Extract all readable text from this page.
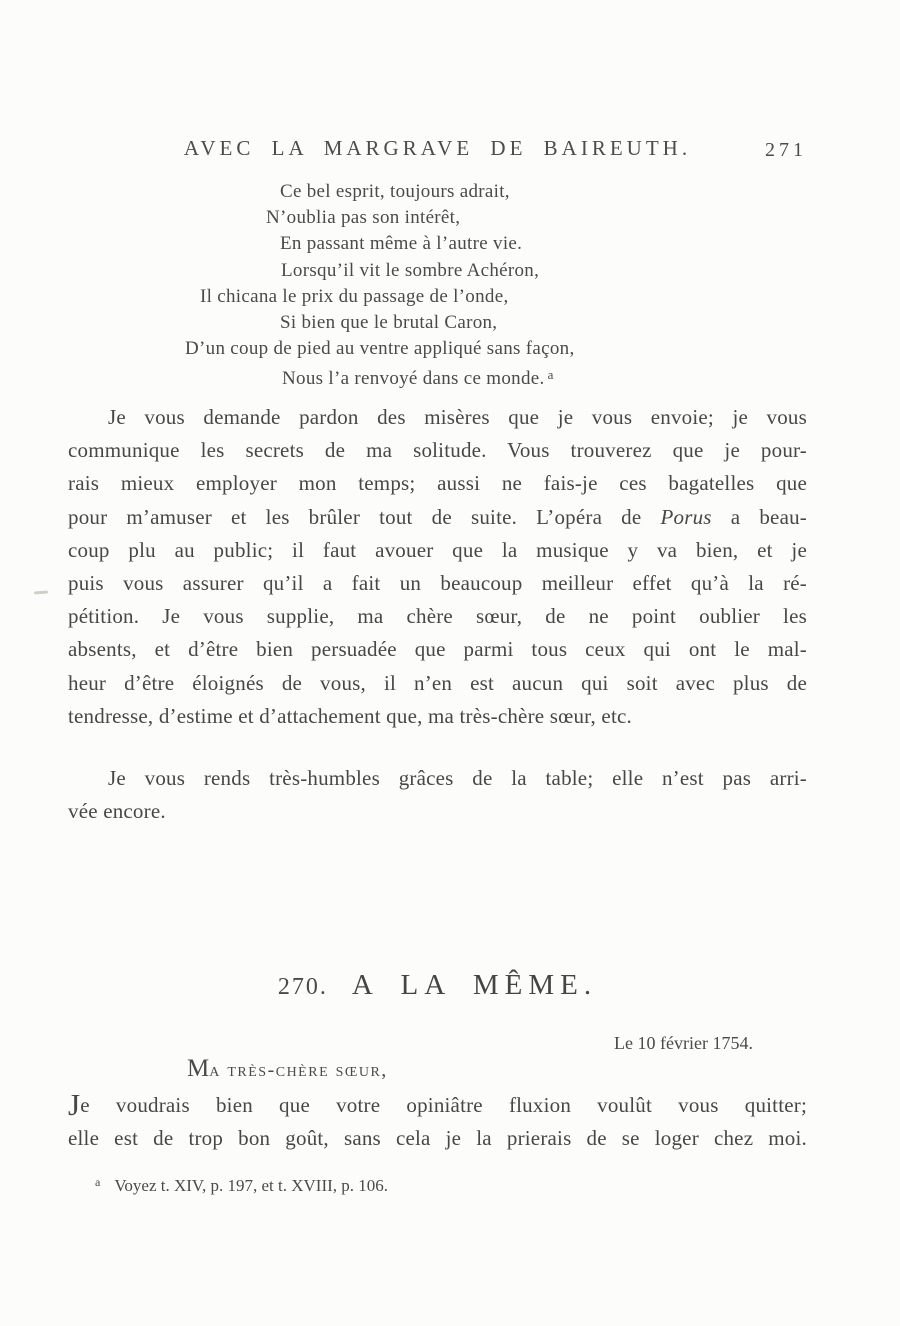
AVEC LA MARGRAVE DE BAIREUTH.	271
Ce bel esprit, toujours adrait,
N’oublia pas son intérêt,
En passant même à l’autre vie.
Lorsqu’il vit le sombre Achéron,
Il chicana le prix du passage de l’onde,
Si bien que le brutal Caron,
D’un coup de pied au ventre appliqué sans façon,
Nous l’a renvoyé dans ce monde. $^a$
Je vous demande pardon des misères que je vous envoie; je vous
communique les secrets de ma solitude. Vous trouverez que je pour-
rais mieux employer mon temps; aussi ne fais-je ces bagatelles que
pour m’amuser et les brûler tout de suite. L’opéra de Porus a beau-
coup plu au public; il faut avouer que la musique y va bien, et je
puis vous assurer qu’il a fait un beaucoup meilleur effet qu’à la ré-
pétition. Je vous supplie, ma chère sœur, de ne point oublier les
absents, et d’être bien persuadée que parmi tous ceux qui ont le mal-
heur d’être éloignés de vous, il n’en est aucun qui soit avec plus de
tendresse, d’estime et d’attachement que, ma très-chère sœur, etc.
Je vous rends très-humbles grâces de la table; elle n’est pas arri-
vée encore.
270. A LA MÊME.
Le 10 février 1754.
Ma très-chère sœur,
Je voudrais bien que votre opiniâtre fluxion voulût vous quitter;
elle est de trop bon goût, sans cela je la prierais de se loger chez moi.
$^a$ Voyez t. XIV, p. 197, et t. XVIII, p. 106.
